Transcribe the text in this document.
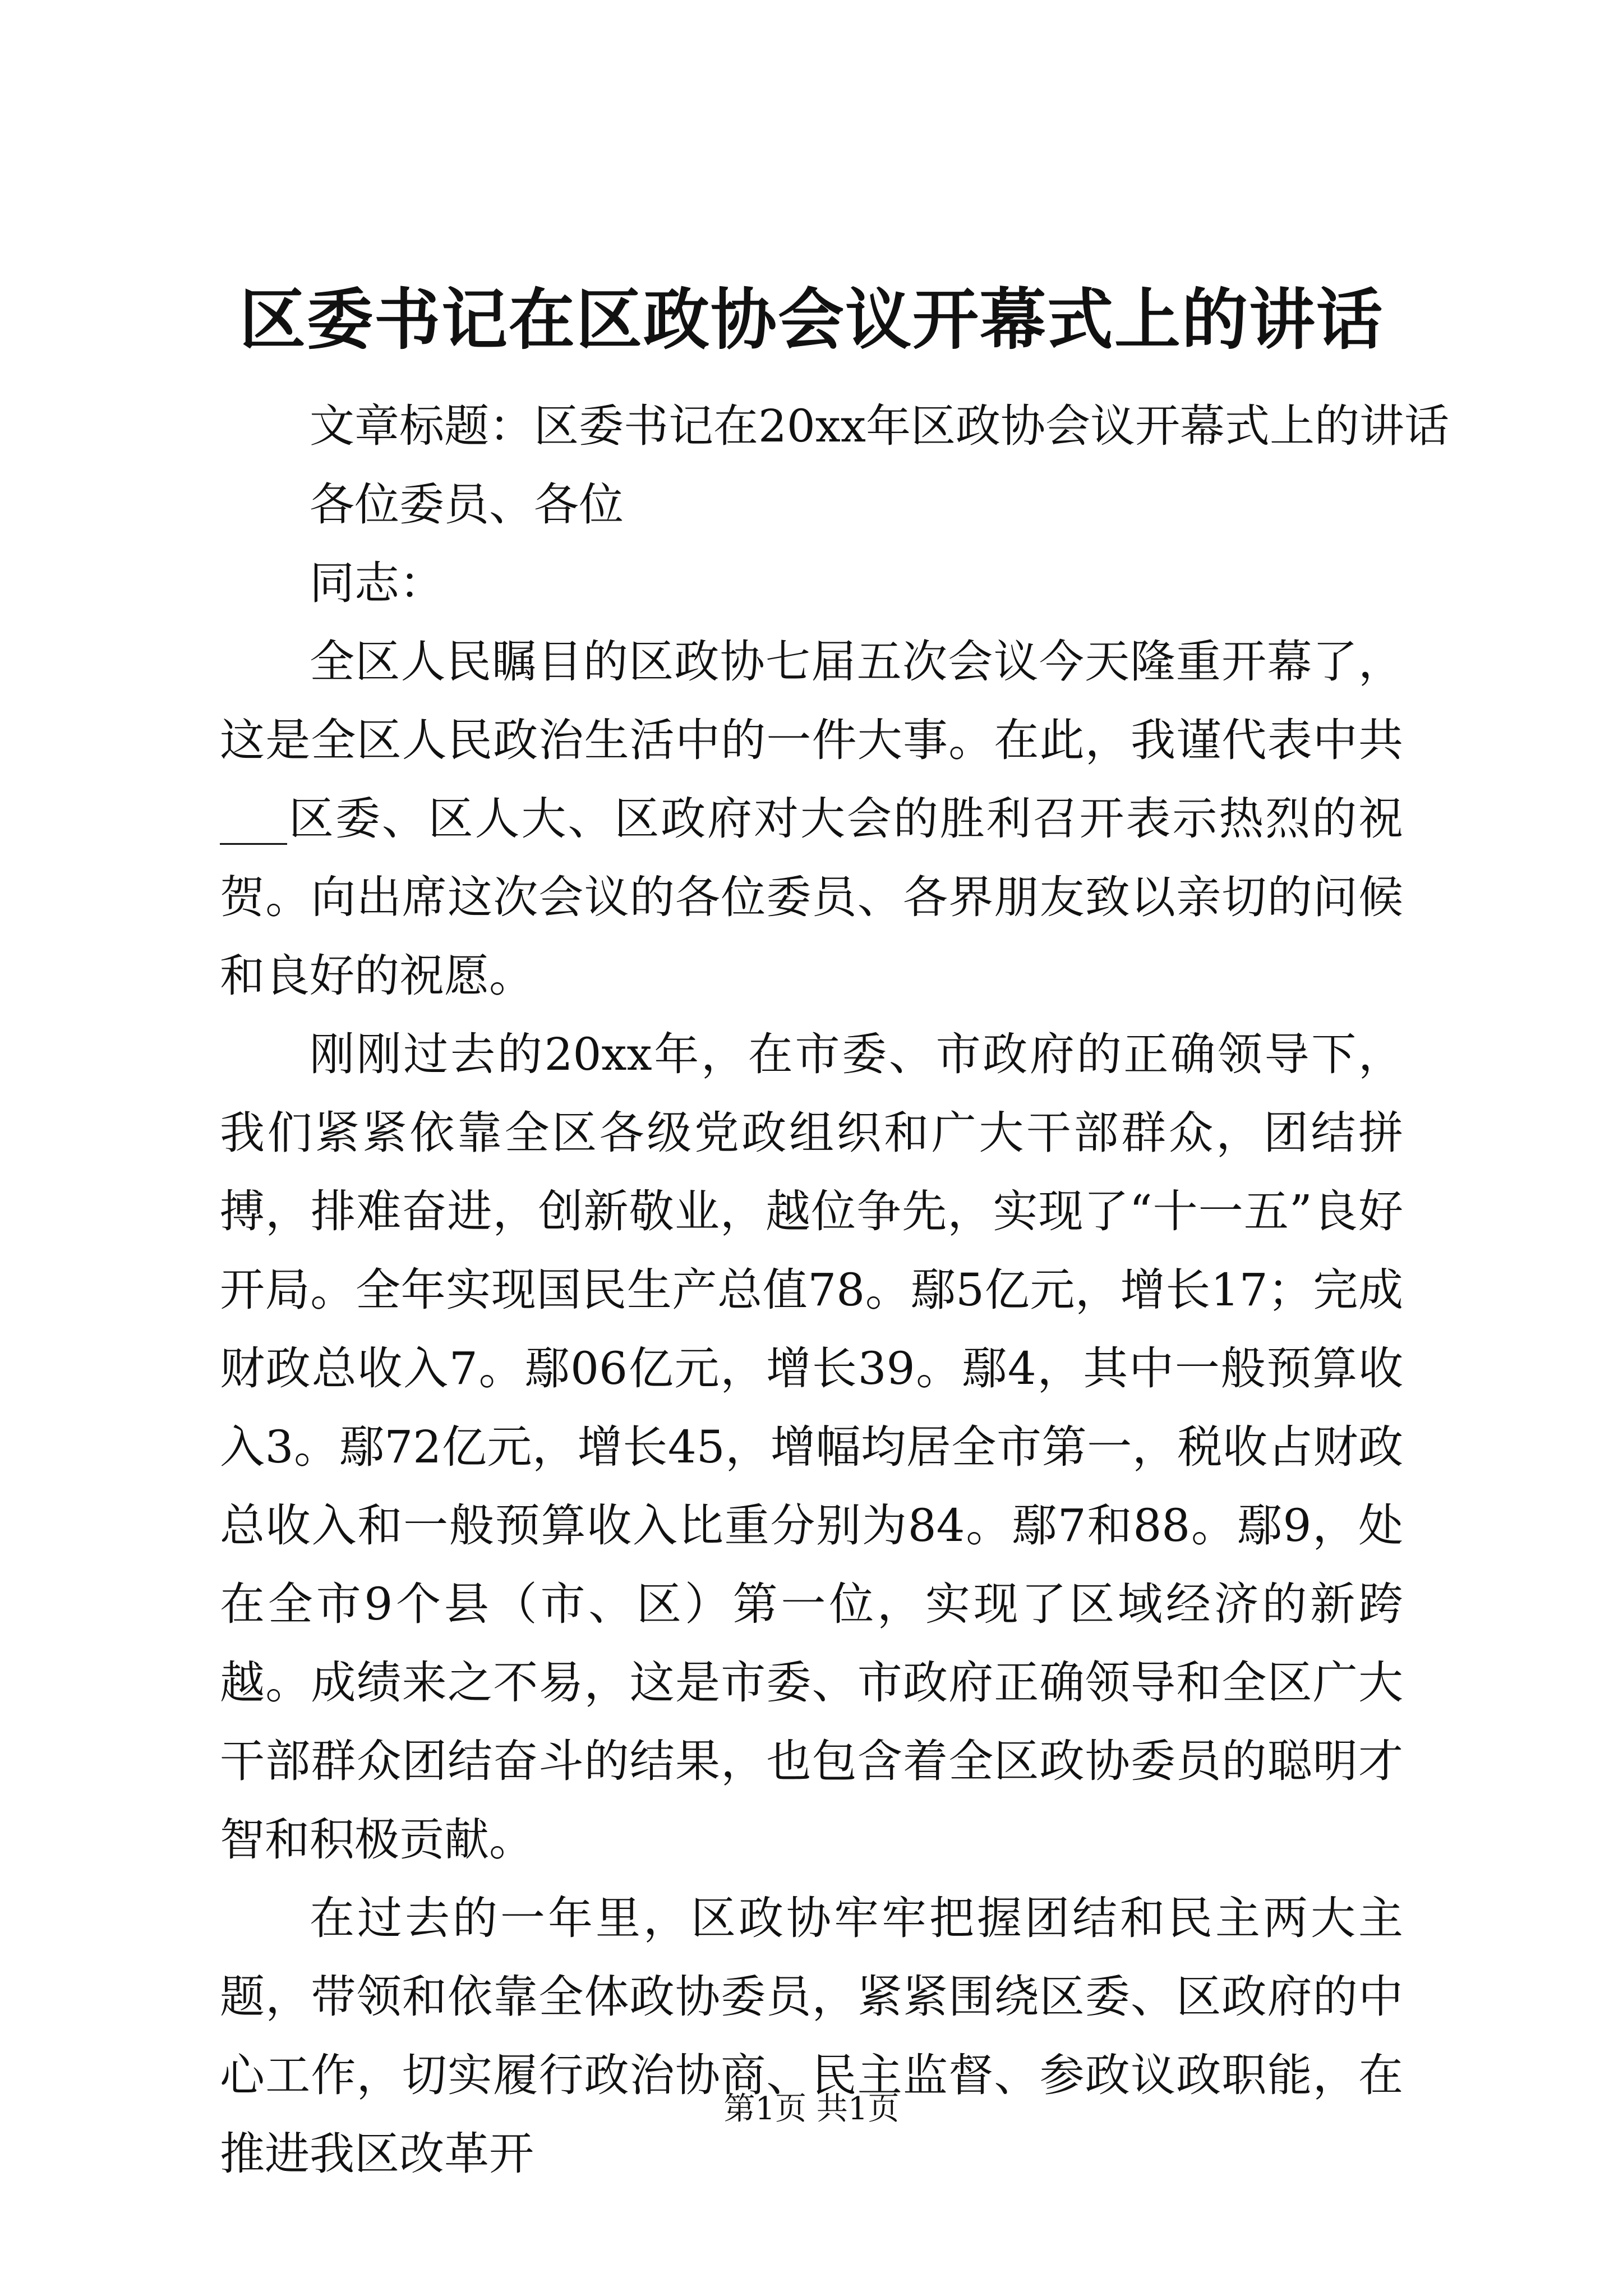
区委书记在区政协会议开幕式上的讲话

文章标题：区委书记在20xx年区政协会议开幕式上的讲话

各位委员、各位

同志：

全区人民瞩目的区政协七届五次会议今天隆重开幕了，这是全区人民政治生活中的一件大事。在此，我谨代表中共___区委、区人大、区政府对大会的胜利召开表示热烈的祝贺。向出席这次会议的各位委员、各界朋友致以亲切的问候和良好的祝愿。

刚刚过去的20xx年，在市委、市政府的正确领导下，我们紧紧依靠全区各级党政组织和广大干部群众，团结拼搏，排难奋进，创新敬业，越位争先，实现了“十一五”良好开局。全年实现国民生产总值78。鄢5亿元，增长17；完成财政总收入7。鄢06亿元，增长39。鄢4，其中一般预算收入3。鄢72亿元，增长45，增幅均居全市第一，税收占财政总收入和一般预算收入比重分别为84。鄢7和88。鄢9，处在全市9个县（市、区）第一位，实现了区域经济的新跨越。成绩来之不易，这是市委、市政府正确领导和全区广大干部群众团结奋斗的结果，也包含着全区政协委员的聪明才智和积极贡献。

在过去的一年里，区政协牢牢把握团结和民主两大主题，带领和依靠全体政协委员，紧紧围绕区委、区政府的中心工作，切实履行政治协商、民主监督、参政议政职能，在推进我区改革开

第1页 共1页
